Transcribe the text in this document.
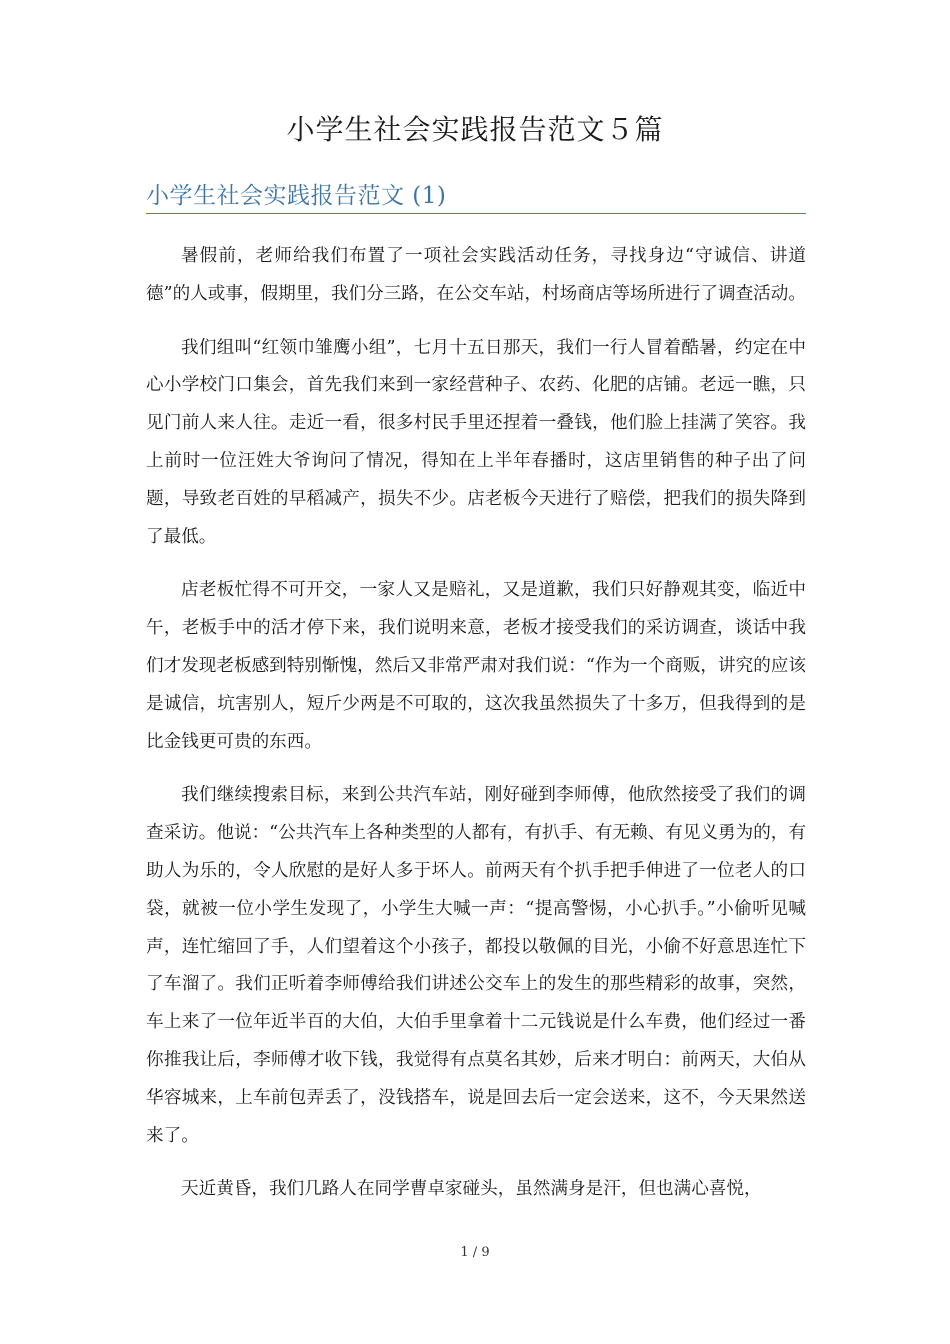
小学生社会实践报告范文５篇
小学生社会实践报告范文 (1)

暑假前，老师给我们布置了一项社会实践活动任务，寻找身边“守诚信、讲道德”的人或事，假期里，我们分三路，在公交车站，村场商店等场所进行了调查活动。

我们组叫“红领巾雏鹰小组”，七月十五日那天，我们一行人冒着酷暑，约定在中心小学校门口集会，首先我们来到一家经营种子、农药、化肥的店铺。老远一瞧，只见门前人来人往。走近一看，很多村民手里还捏着一叠钱，他们脸上挂满了笑容。我上前时一位汪姓大爷询问了情况，得知在上半年春播时，这店里销售的种子出了问题，导致老百姓的早稻减产，损失不少。店老板今天进行了赔偿，把我们的损失降到了最低。

店老板忙得不可开交，一家人又是赔礼，又是道歉，我们只好静观其变，临近中午，老板手中的活才停下来，我们说明来意，老板才接受我们的采访调查，谈话中我们才发现老板感到特别惭愧，然后又非常严肃对我们说：“作为一个商贩，讲究的应该是诚信，坑害别人，短斤少两是不可取的，这次我虽然损失了十多万，但我得到的是比金钱更可贵的东西。

我们继续搜索目标，来到公共汽车站，刚好碰到李师傅，他欣然接受了我们的调查采访。他说：“公共汽车上各种类型的人都有，有扒手、有无赖、有见义勇为的，有助人为乐的，令人欣慰的是好人多于坏人。前两天有个扒手把手伸进了一位老人的口袋，就被一位小学生发现了，小学生大喊一声：“提高警惕，小心扒手。”小偷听见喊声，连忙缩回了手，人们望着这个小孩子，都投以敬佩的目光，小偷不好意思连忙下了车溜了。我们正听着李师傅给我们讲述公交车上的发生的那些精彩的故事，突然，车上来了一位年近半百的大伯，大伯手里拿着十二元钱说是什么车费，他们经过一番你推我让后，李师傅才收下钱，我觉得有点莫名其妙，后来才明白：前两天，大伯从华容城来，上车前包弄丢了，没钱搭车，说是回去后一定会送来，这不，今天果然送来了。

天近黄昏，我们几路人在同学曹卓家碰头，虽然满身是汗，但也满心喜悦，

1 / 9
